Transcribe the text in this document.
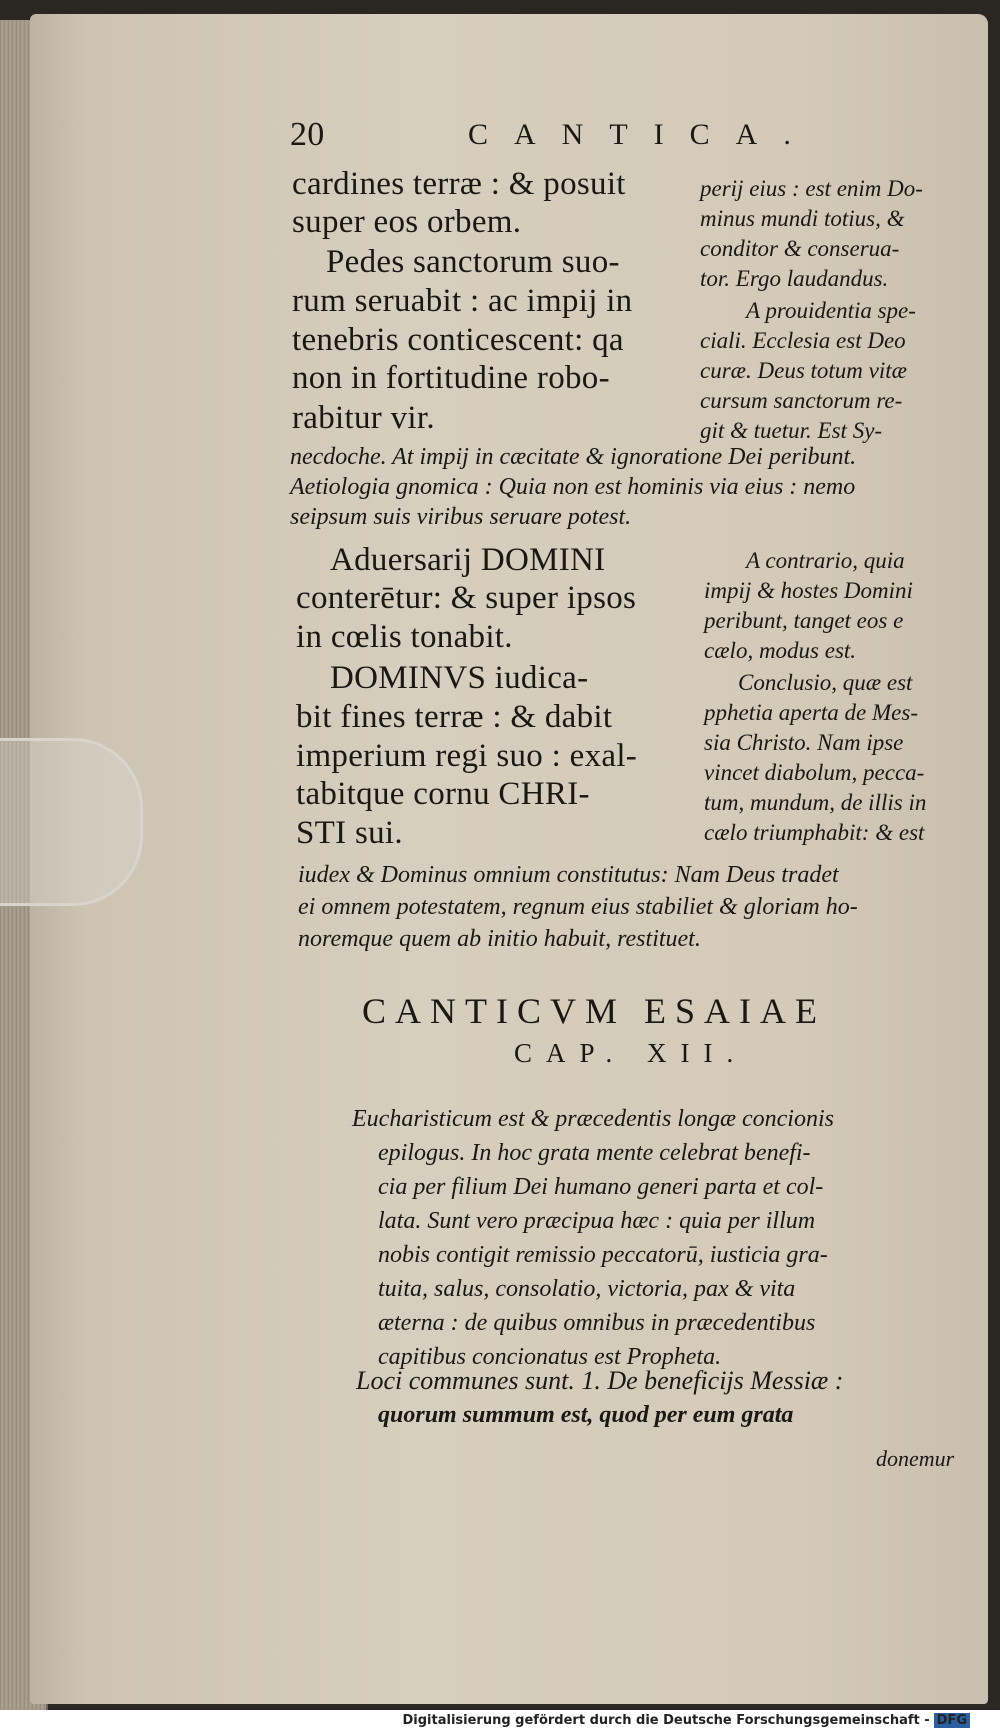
20	CANTICA.
cardines terræ : & posuit
super eos orbem.
Pedes sanctorum suo-
rum seruabit : ac impij in
tenebris conticescent: qa
non in fortitudine robo-
rabitur vir.
perij eius : est enim Do-
minus mundi totius, &
conditor & conserua-
tor. Ergo laudandus.
A prouidentia spe-
ciali. Ecclesia est Deo
curæ. Deus totum vitæ
cursum sanctorum re-
git & tuetur. Est Sy-
necdoche. At impij in cæcitate & ignoratione Dei peribunt.
Aetiologia gnomica : Quia non est hominis via eius : nemo
seipsum suis viribus seruare potest.
Aduersarij DOMINI
conterētur: & super ipsos
in cœlis tonabit.
DOMINVS iudica-
bit fines terræ : & dabit
imperium regi suo : exal-
tabitque cornu CHRI-
STI sui.
A contrario, quia
impij & hostes Domini
peribunt, tanget eos e
cælo, modus est.
Conclusio, quæ est
pphetia aperta de Mes-
sia Christo. Nam ipse
vincet diabolum, pecca-
tum, mundum, de illis in
cælo triumphabit: & est
iudex & Dominus omnium constitutus: Nam Deus tradet
ei omnem potestatem, regnum eius stabiliet & gloriam ho-
noremque quem ab initio habuit, restituet.
CANTICVM ESAIAE
CAP. XII.
Eucharisticum est & præcedentis longæ concionis
epilogus. In hoc grata mente celebrat benefi-
cia per filium Dei humano generi parta et col-
lata. Sunt vero præcipua hæc : quia per illum
nobis contigit remissio peccatorū, iusticia gra-
tuita, salus, consolatio, victoria, pax & vita
æterna : de quibus omnibus in præcedentibus
capitibus concionatus est Propheta.
Loci communes sunt. 1. De beneficijs Messiæ :
quorum summum est, quod per eum grata
donemur
Digitalisierung gefördert durch die Deutsche Forschungsgemeinschaft - DFG
